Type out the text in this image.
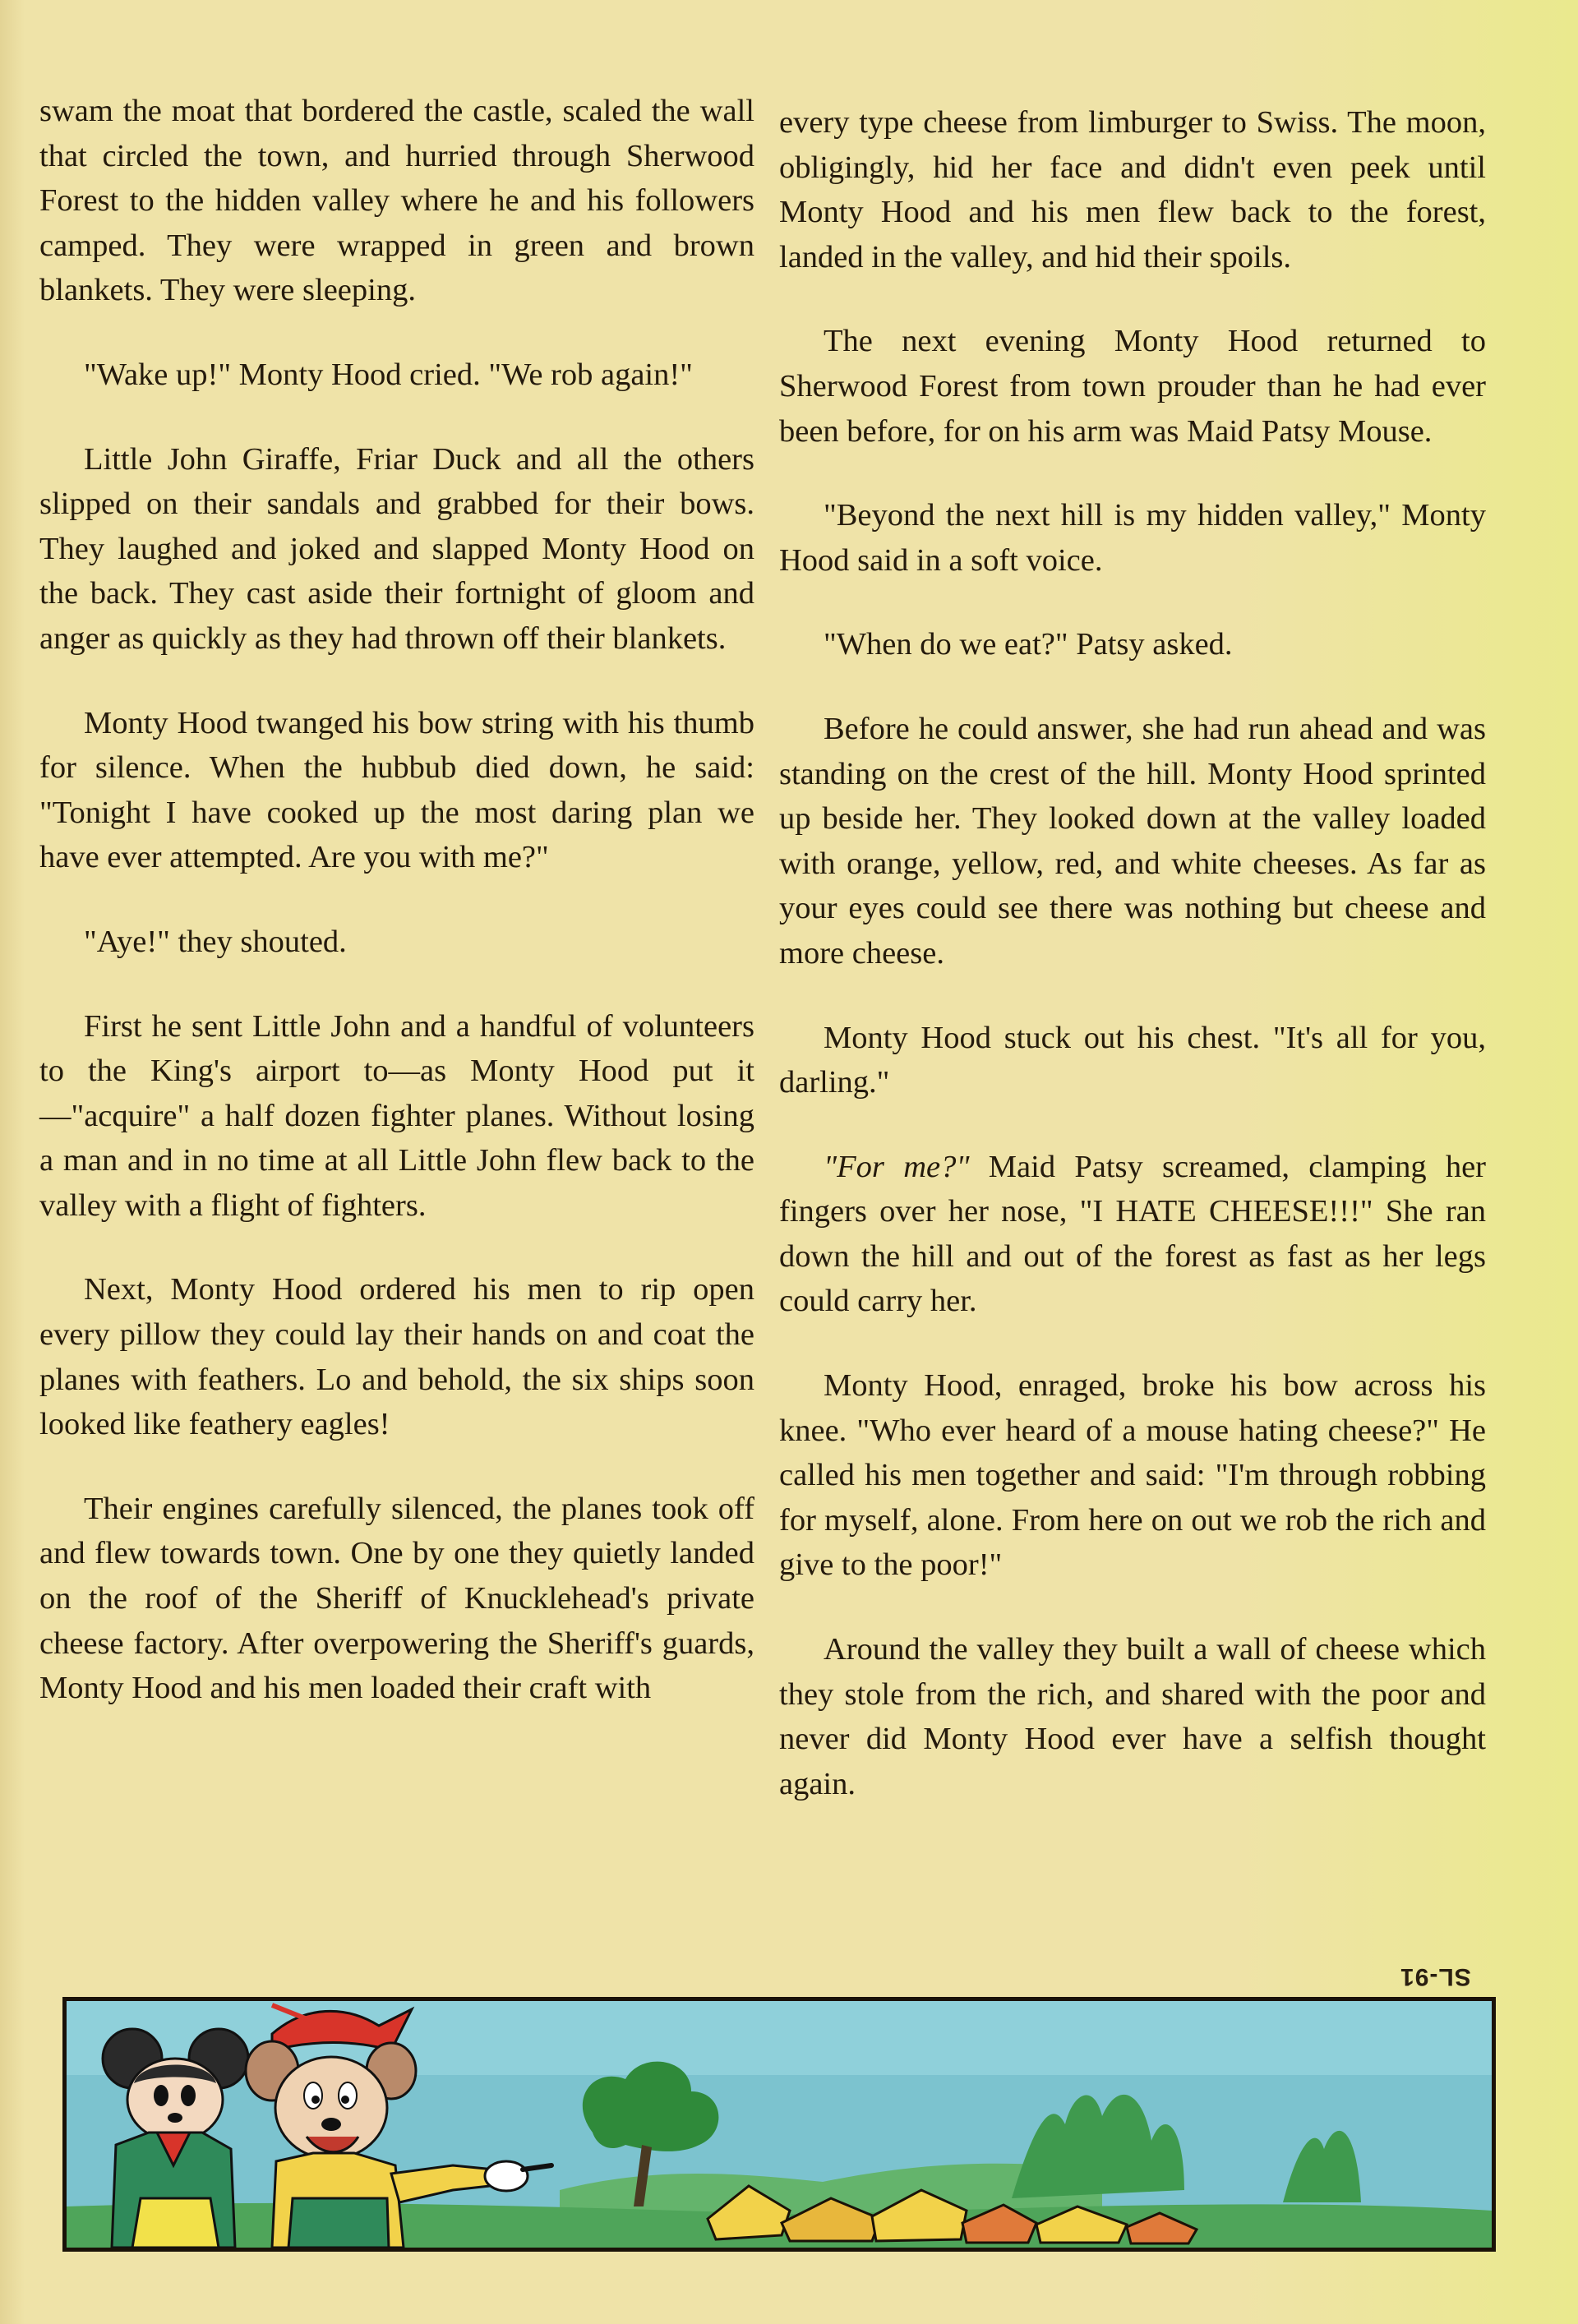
swam the moat that bordered the castle, scaled the wall that circled the town, and hurried through Sherwood Forest to the hidden valley where he and his followers camped. They were wrapped in green and brown blankets. They were sleeping.

"Wake up!" Monty Hood cried. "We rob again!"

Little John Giraffe, Friar Duck and all the others slipped on their sandals and grabbed for their bows. They laughed and joked and slapped Monty Hood on the back. They cast aside their fortnight of gloom and anger as quickly as they had thrown off their blankets.

Monty Hood twanged his bow string with his thumb for silence. When the hubbub died down, he said: "Tonight I have cooked up the most daring plan we have ever attempted. Are you with me?"

"Aye!" they shouted.

First he sent Little John and a handful of volunteers to the King's airport to—as Monty Hood put it—"acquire" a half dozen fighter planes. Without losing a man and in no time at all Little John flew back to the valley with a flight of fighters.

Next, Monty Hood ordered his men to rip open every pillow they could lay their hands on and coat the planes with feathers. Lo and behold, the six ships soon looked like feathery eagles!

Their engines carefully silenced, the planes took off and flew towards town. One by one they quietly landed on the roof of the Sheriff of Knucklehead's private cheese factory. After overpowering the Sheriff's guards, Monty Hood and his men loaded their craft with

every type cheese from limburger to Swiss. The moon, obligingly, hid her face and didn't even peek until Monty Hood and his men flew back to the forest, landed in the valley, and hid their spoils.

The next evening Monty Hood returned to Sherwood Forest from town prouder than he had ever been before, for on his arm was Maid Patsy Mouse.

"Beyond the next hill is my hidden valley," Monty Hood said in a soft voice.

"When do we eat?" Patsy asked.

Before he could answer, she had run ahead and was standing on the crest of the hill. Monty Hood sprinted up beside her. They looked down at the valley loaded with orange, yellow, red, and white cheeses. As far as your eyes could see there was nothing but cheese and more cheese.

Monty Hood stuck out his chest. "It's all for you, darling."

"For me?" Maid Patsy screamed, clamping her fingers over her nose, "I HATE CHEESE!!!" She ran down the hill and out of the forest as fast as her legs could carry her.

Monty Hood, enraged, broke his bow across his knee. "Who ever heard of a mouse hating cheese?" He called his men together and said: "I'm through robbing for myself, alone. From here on out we rob the rich and give to the poor!"

Around the valley they built a wall of cheese which they stole from the rich, and shared with the poor and never did Monty Hood ever have a selfish thought again.

SL-91
